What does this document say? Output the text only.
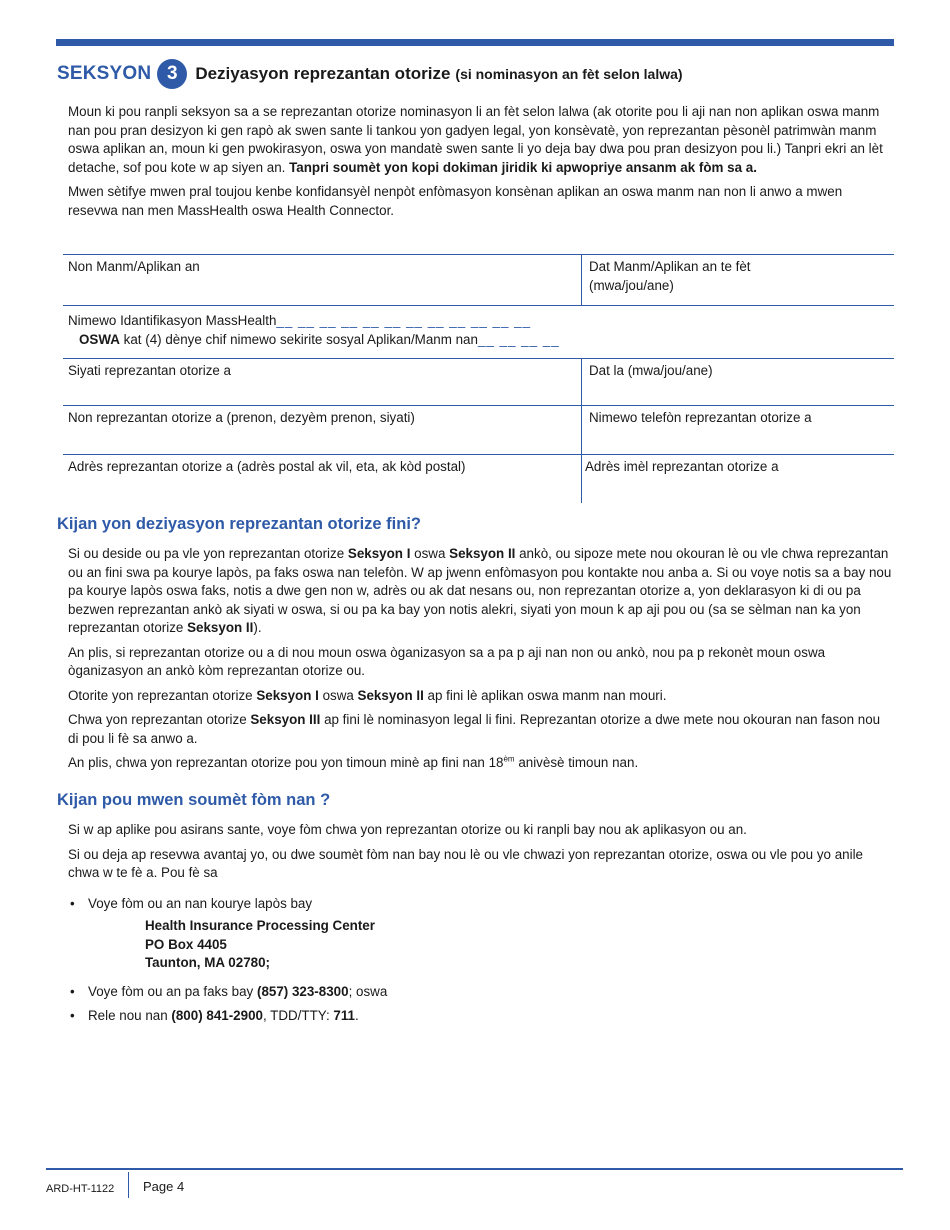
SEKSYON 3	Deziyasyon reprezantan otorize (si nominasyon an fèt selon lalwa)

Moun ki pou ranpli seksyon sa a se reprezantan otorize nominasyon li an fèt selon lalwa (ak otorite pou li aji nan non aplikan oswa manm nan pou pran desizyon ki gen rapò ak swen sante li tankou yon gadyen legal, yon konsèvatè, yon reprezantan pèsonèl patrimwàn manm oswa aplikan an, moun ki gen pwokirasyon, oswa yon mandatè swen sante li yo deja bay dwa pou pran desizyon pou li.) Tanpri ekri an lèt detache, sof pou kote w ap siyen an. Tanpri soumèt yon kopi dokiman jiridik ki apwopriye ansanm ak fòm sa a.

Mwen sètifye mwen pral toujou kenbe konfidansyèl nenpòt enfòmasyon konsènan aplikan an oswa manm nan non li anwo a mwen resevwa nan men MassHealth oswa Health Connector.

Non Manm/Aplikan an	Dat Manm/Aplikan an te fèt
(mwa/jou/ane)
Nimewo Idantifikasyon MassHealth__ __ __ __ __ __ __ __ __ __ __ __
OSWA kat (4) dènye chif nimewo sekirite sosyal Aplikan/Manm nan__ __ __ __
Siyati reprezantan otorize a	Dat la (mwa/jou/ane)
Non reprezantan otorize a (prenon, dezyèm prenon, siyati)	Nimewo telefòn reprezantan otorize a
Adrès reprezantan otorize a (adrès postal ak vil, eta, ak kòd postal)	Adrès imèl reprezantan otorize a
Kijan yon deziyasyon reprezantan otorize fini?

Si ou deside ou pa vle yon reprezantan otorize Seksyon I oswa Seksyon II ankò, ou sipoze mete nou okouran lè ou vle chwa reprezantan ou an fini swa pa kourye lapòs, pa faks oswa nan telefòn. W ap jwenn enfòmasyon pou kontakte nou anba a. Si ou voye notis sa a bay nou pa kourye lapòs oswa faks, notis a dwe gen non w, adrès ou ak dat nesans ou, non reprezantan otorize a, yon deklarasyon ki di ou pa bezwen reprezantan ankò ak siyati w oswa, si ou pa ka bay yon notis alekri, siyati yon moun k ap aji pou ou (sa se sèlman nan ka yon reprezantan otorize Seksyon II).

An plis, si reprezantan otorize ou a di nou moun oswa òganizasyon sa a pa p aji nan non ou ankò, nou pa p rekonèt moun oswa òganizasyon an ankò kòm reprezantan otorize ou.

Otorite yon reprezantan otorize Seksyon I oswa Seksyon II ap fini lè aplikan oswa manm nan mouri.

Chwa yon reprezantan otorize Seksyon III ap fini lè nominasyon legal li fini. Reprezantan otorize a dwe mete nou okouran nan fason nou di pou li fè sa anwo a.

An plis, chwa yon reprezantan otorize pou yon timoun minè ap fini nan $18^{èm}$ anivèsè timoun nan.

Kijan pou mwen soumèt fòm nan ?

Si w ap aplike pou asirans sante, voye fòm chwa yon reprezantan otorize ou ki ranpli bay nou ak aplikasyon ou an.

Si ou deja ap resevwa avantaj yo, ou dwe soumèt fòm nan bay nou lè ou vle chwazi yon reprezantan otorize, oswa ou vle pou yo anile chwa w te fè a. Pou fè sa

• Voye fòm ou an nan kourye lapòs bay
Health Insurance Processing Center
PO Box 4405
Taunton, MA 02780;
• Voye fòm ou an pa faks bay (857) 323-8300; oswa
• Rele nou nan (800) 841-2900, TDD/TTY: 711.
ARD-HT-1122 Page 4
